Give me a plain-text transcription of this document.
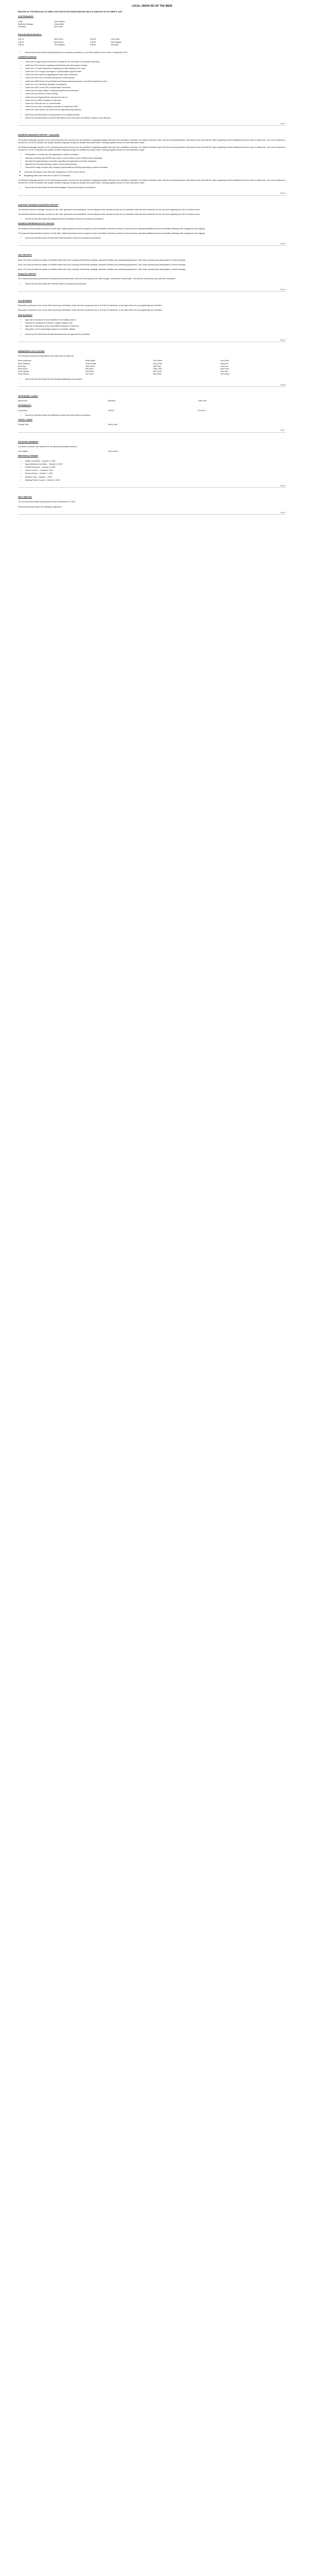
LOCAL UNION 953 OF THE IBEW

MINUTES OF THE REGULAR OCTOBER, 2020 EXECUTIVE BOARD MEETING HELD IN SABLEAY ON OCTOBER 8, 2020

IN ATTENDANCE:

Chair	Dave Mullins
Business Manager	Doug Watts
Secretary	Sue Smith

Executive Board Members:

Unit 10	Steve Brull	Unit 40	Luke Clark
Unit 20	Steve Bean	Unit 50	Tahir Tagadd
Unit 30	Tim Glasgow	Unit 60	Jim Ryan
• Moved by Executive Board Meeting Minutes be accepted as posted by Local 226's website on the month of September 2020.

CORRESPONDENCE

• Letter from IO approving Local 953 as a Charter for the 2020 year to Convention Assembly.
• Letter from Rob Cameron regarding membership and retiree group meeting.
• Letter from IO Social Department regarding the 40th birthday of the Local.
• Letter from IO on Rogers and Rogers Communication approval letter.
• Letter from Rob Cameron regarding the Prairie wide conference.
• Letter from Rob Farr on benefits and pension retirees group.
• Letter from IBEW Grand Council Ballot and Steward training proposal; Local 953 scheduled for 2021.
• Letter from IO on Business Manager commitments.
• Letter from ERS on the 2020 Canada Wide Convention.
• Letter from BC Hydro Officer's Employee Bulletin from November.
• Letter from the BCFED on Rob meeting.
• Letter from the Regional Dues increase from the I.O.
• Letter from the IBEW Canadian Conference.
• Letter from PRA with info on Local Benefits.
• Letter from the union counselling committee for September 2020.
• Letter from Steve Bull on his duties with the Apprenticeship Advisory.
• Moved by Executive Board Correspondence be accepted and filed.
• Moved by Executive Board to add the Attendance for the Executive and Retiree Chapter to their Reports.
Page 1

BUSINESS MANAGER'S REPORT - Doug Watts

The Business Manager reported on the continuing economic recovery from the pandemic, bargaining updates with each unit, arbitration schedules, the Safety Committee report, and the upcoming elections. Discussions were held with BC Hydro regarding overtime distribution and the return-to-office plan. The Local continues to monitor the COVID-19 situation and update members regularly through the website and social media. Training programs remain on hold until further notice.

The Business Manager reported on the continuing economic recovery from the pandemic, bargaining updates with each unit, arbitration schedules, the Safety Committee report, and the upcoming elections. Discussions were held with BC Hydro regarding overtime distribution and the return-to-office plan. The Local continues to monitor the COVID-19 situation and update members regularly through the website and social media. Training programs remain on hold until further notice.

• Participated in a conference call regarding the Safety Committee;
• Attended a meeting with BCFED and Labour Council officers on the Political Action Campaign;
• Met with the Apprenticeship Committee regarding new apprentices and their schedules;
• Attended the Provincial Building Trades Council virtual meeting;
• Discussed a range of issues with company representatives including scheduling, overtime and safety.
◦ Grievance discussions were held with management in Unit 20 and Unit 40;
◦ Bargaining dates have been set for Unit 30 in November;

The Business Manager reported on the continuing economic recovery from the pandemic, bargaining updates with each unit, arbitration schedules, the Safety Committee report, and the upcoming elections. Discussions were held with BC Hydro regarding overtime distribution and the return-to-office plan. The Local continues to monitor the COVID-19 situation and update members regularly through the website and social media. Training programs remain on hold until further notice.

• Moved by Executive Board the Business Manager's Report be accepted as presented.
Page 2

ASSISTANT BUSINESS MANAGER'S REPORT

The Assistant Business Manager reported on site visits, grievances and arbitrations. Several disputes were resolved at step two. An arbitration date has been scheduled for the new year regarding the Unit 10 overtime issue.

The Assistant Business Manager reported on site visits, grievances and arbitrations. Several disputes were resolved at step two. An arbitration date has been scheduled for the new year regarding the Unit 10 overtime issue.

• Moved by Executive Board the Assistant Business Manager's Report be accepted as presented.

BUSINESS REPRESENTATIVE'S REPORT

The Business Representative reported on field visits, safety inspections and the progress of joint committees. Members continue to raise concerns regarding staffing levels and scheduling. Meetings with management are ongoing.

The Business Representative reported on field visits, safety inspections and the progress of joint committees. Members continue to raise concerns regarding staffing levels and scheduling. Meetings with management are ongoing.

• Moved by Executive Board the Business Representative's Report be accepted as presented.
Page 3

UNIT REPORTS

Each Unit Chair provided an update on activities within their unit, including membership meetings, stewards' activities and outstanding grievances. Unit Chairs reported good participation in virtual meetings.

Each Unit Chair provided an update on activities within their unit, including membership meetings, stewards' activities and outstanding grievances. Unit Chairs reported good participation in virtual meetings.

Each Unit Chair provided an update on activities within their unit, including membership meetings, stewards' activities and outstanding grievances. Unit Chairs reported good participation in virtual meetings.

FINANCIAL REPORT

The Financial Secretary presented the monthly financial statements. Revenues and expenses are within budget. Investments remain stable. The audit for the previous year has been completed.

• Moved by Executive Board the Financial Report be accepted as presented.
Page 4

OLD BUSINESS

Discussion continued on the Local's 40th anniversary celebration which has been postponed due to COVID-19 restrictions. A new date will be set once gatherings are permitted.

Discussion continued on the Local's 40th anniversary celebration which has been postponed due to COVID-19 restrictions. A new date will be set once gatherings are permitted.

NEW BUSINESS

• Approval of donations to local charities for the holiday season;
• Request for funding for the Retiree Chapter holiday event;
• Approval of attendance at the virtual IBEW Canadian Conference;
• Discussion on the scholarship program for members' children.
• Moved by Executive Board the New Business items be approved as presented.
Page 5

MEMBERSHIP APPLICATIONS

The following membership applications were presented for approval:

Aaron Anderson	Brian Baker	Carl Clarke	Dan Davis
Evan Edwards	Frank Fraser	Gary Grant	Harry Hill
Ian Irving	Jack Jones	Kyle King	Larry Lee
Mike Moore	Neil Nash	Owen Ortiz	Paul Price
Quinn Quade	Ray Reed	Sam Scott	Tom Tate
Umar Usman	Vic Vance	Wes West	Yuri Young
• Moved by Executive Board the Membership Applications be accepted.
Page 6

WITHDRAWAL CARDS

Alan Archer	Bill Boyd	Chris Cole

RETIREMENTS

Doug Dunn	Ed Ellis	Fred Fox
• Moved by Executive Board the Withdrawal Cards and Retirements be accepted.

TRAVEL CARDS

George Gale	Henry Hunt
Page 7

DECEASED MEMBERS

A moment of silence was observed for the following deceased members:

Ivan Ingram	John James

MEETINGS ATTENDED

• Safety Committee – October 1, 2020
• Apprenticeship Committee – October 3, 2020
• BCFED Executive – October 5, 2020
• Labour Council – October 6, 2020
• Pension Board – October 7, 2020
• Benefits Trust – October 7, 2020
• Building Trades Council – October 8, 2020
Page 8

NEXT MEETING

The next Executive Board meeting will be held on November 12, 2020.

Moved by Executive Board the meeting be adjourned.

Page 9
